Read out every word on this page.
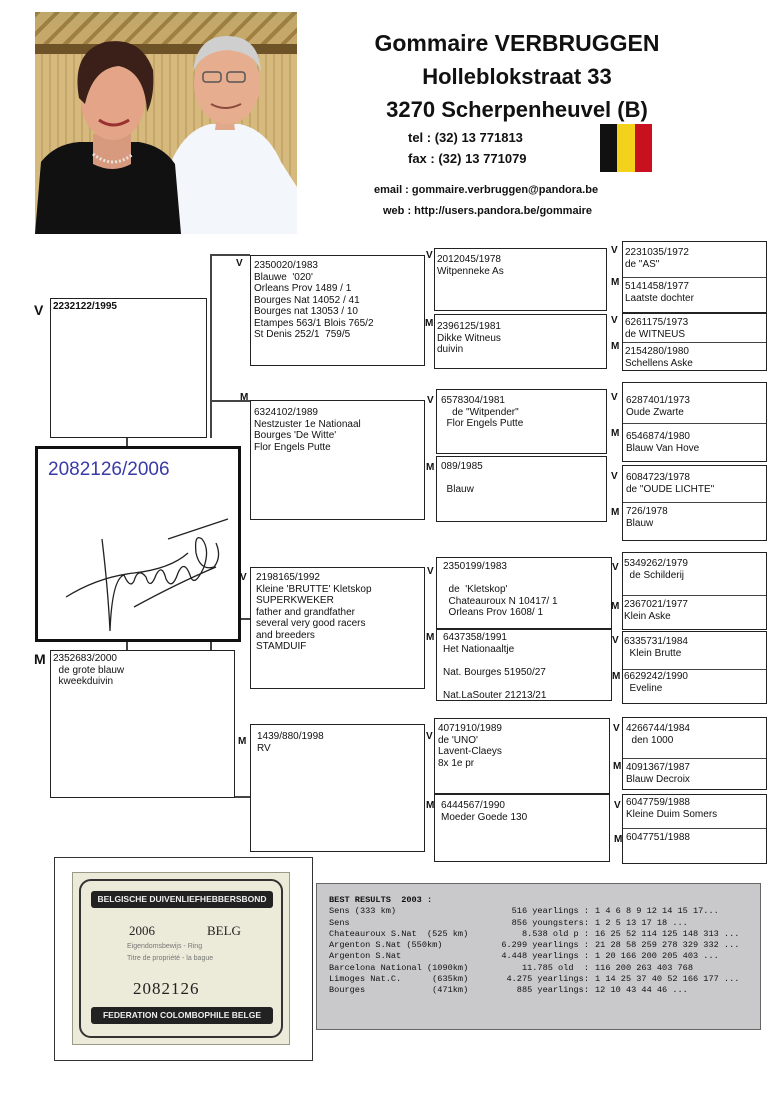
Gommaire VERBRUGGEN
Holleblokstraat 33
3270 Scherpenheuvel (B)
tel : (32) 13 771813
fax : (32) 13 771079
email : gommaire.verbruggen@pandora.be
web : http://users.pandora.be/gommaire
V 2232122/1995
2082126/2006
M 2352683/2000
de grote blauw
kweekduivin
V 2350020/1983
Blauwe  '020'
Orleans Prov 1489 / 1
Bourges Nat 14052 / 41
Bourges nat 13053 / 10
Etampes 563/1 Blois 765/2
St Denis 252/1  759/5
M
6324102/1989
Nestzuster 1e Nationaal
Bourges 'De Witte'
Flor Engels Putte
V 2198165/1992
Kleine 'BRUTTE' Kletskop
SUPERKWEKER
father and grandfather
several very good racers
and breeders
STAMDUIF
M 1439/880/1998
RV
V 2012045/1978
Witpenneke As
M 2396125/1981
Dikke Witneus
duivin
V 6578304/1981
de "Witpender"
Flor Engels Putte
M 089/1985

Blauw
V 2350199/1983

de  'Kletskop'
Chateauroux N 10417/ 1
Orleans Prov 1608/ 1
M 6437358/1991
Het Nationaaltje

Nat. Bourges 51950/27

Nat.LaSouter 21213/21
V
4071910/1989
de 'UNO'
Lavent-Claeys
8x 1e pr
M 6444567/1990
Moeder Goede 130
V 2231035/1972
de "AS"
M 5141458/1977
Laatste dochter
V 6261175/1973
de WITNEUS
M 2154280/1980
Schellens Aske
V 6287401/1973
Oude Zwarte
M 6546874/1980
Blauw Van Hove
V 6084723/1978
de "OUDE LICHTE"
M 726/1978
Blauw
V 5349262/1979
de Schilderij
M 2367021/1977
Klein Aske
V 6335731/1984
Klein Brutte
M 6629242/1990
Eveline
V 4266744/1984
den 1000
M 4091367/1987
Blauw Decroix
V 6047759/1988
Kleine Duim Somers
M 6047751/1988
BELGISCHE DUIVENLIEFHEBBERSBOND
2006	BELG
Eigendomsbewijs - Ring
Titre de propriété - la bague
2082126
FEDERATION COLOMBOPHILE BELGE
BEST RESULTS  2003 :
Sens (333 km)	516 yearlings : 1 4 6 8 9 12 14 15 17...
Sens	856 youngsters: 1 2 5 13 17 18 ...
Chateauroux S.Nat  (525 km)	8.538 old p : 16 25 52 114 125 148 313 ...
Argenton S.Nat (550km)	6.299 yearlings : 21 28 58 259 278 329 332 ...
Argenton S.Nat	4.448 yearlings : 1 20 166 200 205 403 ...
Barcelona National (1090km)	11.785 old  : 116 200 263 403 768
Limoges Nat.C.      (635km)	4.275 yearlings: 1 14 25 37 40 52 166 177 ...
Bourges             (471km)	885 yearlings: 12 10 43 44 46 ...
